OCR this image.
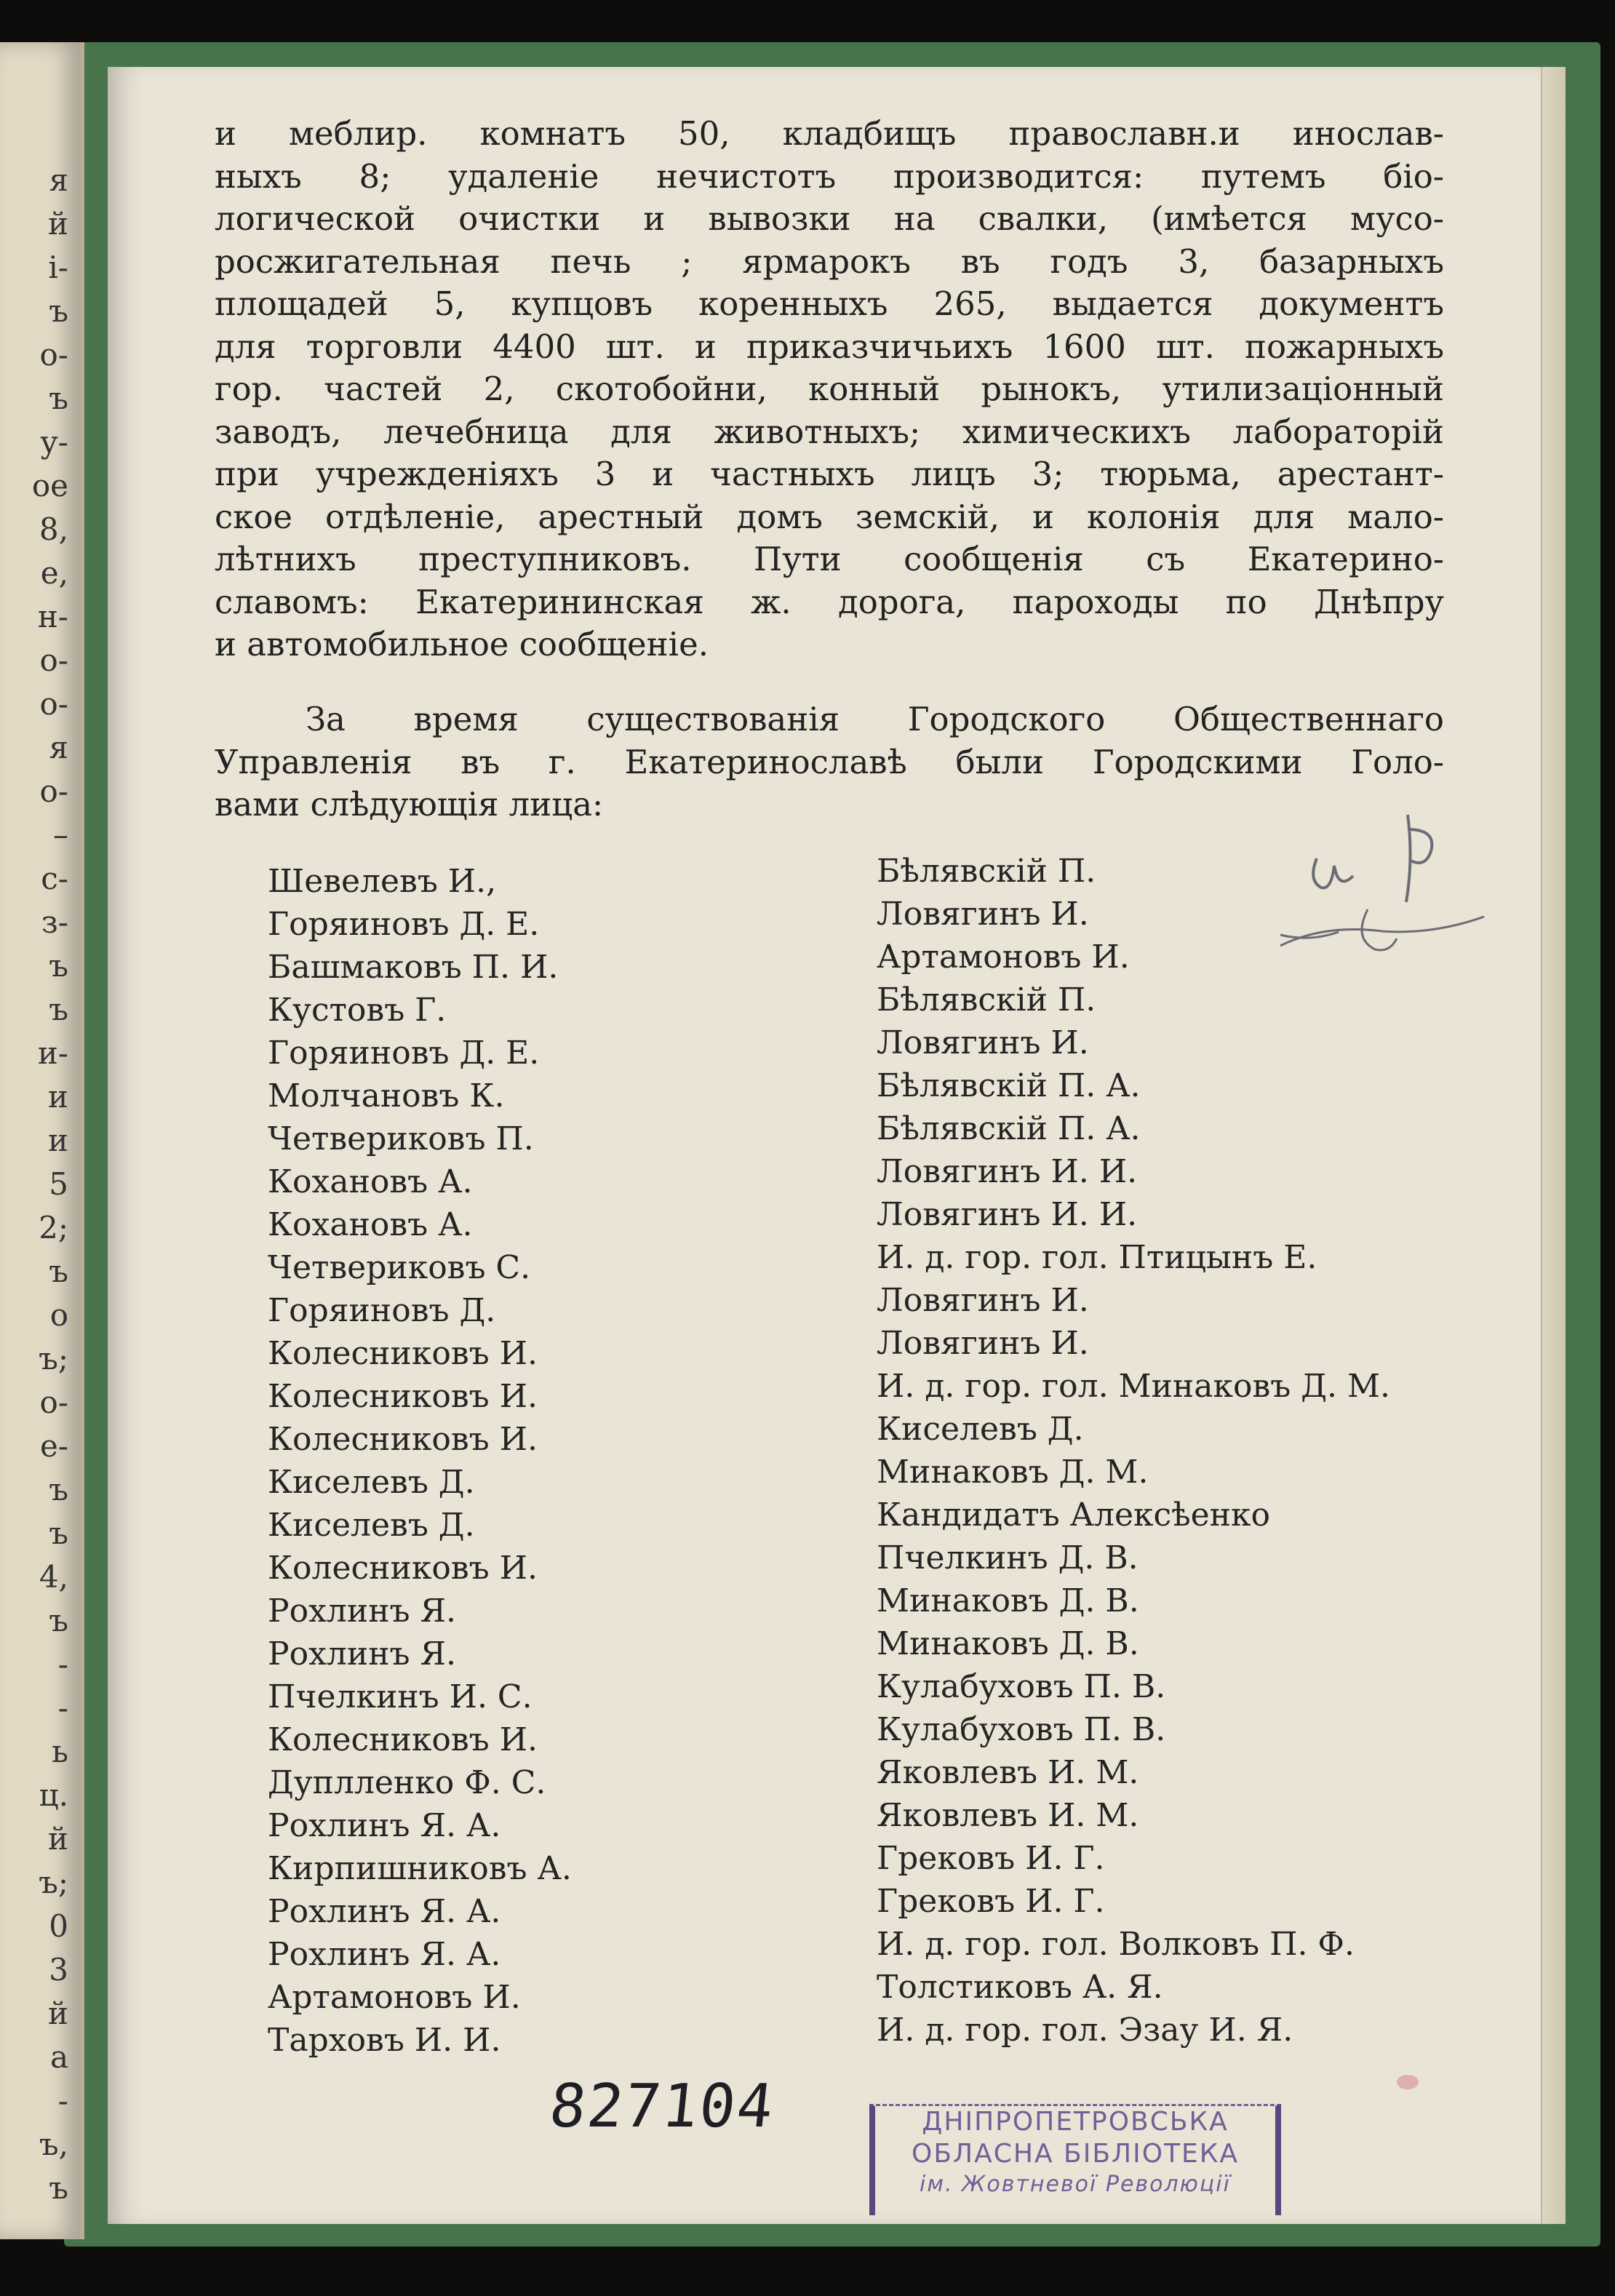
я
й
і-
ъ
о-
ъ
у-
ое
8,
е,
н-
о-
о-
я
о-
–
с-
з-
ъ
ъ
и-
и
и
5
2;
ъ
о
ъ;
о-
е-
ъ
ъ
4,
ъ
-
-
ь
ц.
й
ъ;
0
3
й
а
-
ъ,
ъ
и меблир. комнатъ 50, кладбищъ православн.и инослав-
ныхъ 8; удаленіе нечистотъ производится: путемъ біо-
логической очистки и вывозки на свалки, (имѣется мусо-
росжигательная печь ; ярмарокъ въ годъ 3, базарныхъ
площадей 5, купцовъ коренныхъ 265, выдается документъ
для торговли 4400 шт. и приказчичьихъ 1600 шт. пожарныхъ
гор. частей 2, скотобойни, конный рынокъ, утилизаціонный
заводъ, лечебница для животныхъ; химическихъ лабораторій
при учрежденіяхъ 3 и частныхъ лицъ 3; тюрьма, арестант-
ское отдѣленіе, арестный домъ земскій, и колонія для мало-
лѣтнихъ преступниковъ. Пути сообщенія съ Екатерино-
славомъ: Екатерининская ж. дорога, пароходы по Днѣпру
и автомобильное сообщеніе.
За время существованія Городского Общественнаго
Управленія въ г. Екатеринославѣ были Городскими Голо-
вами слѣдующія лица:
Шевелевъ И.,
Горяиновъ Д. Е.
Башмаковъ П. И.
Кустовъ Г.
Горяиновъ Д. Е.
Молчановъ К.
Четвериковъ П.
Кохановъ А.
Кохановъ А.
Четвериковъ С.
Горяиновъ Д.
Колесниковъ И.
Колесниковъ И.
Колесниковъ И.
Киселевъ Д.
Киселевъ Д.
Колесниковъ И.
Рохлинъ Я.
Рохлинъ Я.
Пчелкинъ И. С.
Колесниковъ И.
Дуплленко Ф. С.
Рохлинъ Я. А.
Кирпишниковъ А.
Рохлинъ Я. А.
Рохлинъ Я. А.
Артамоновъ И.
Тарховъ И. И.
Бѣлявскій П.
Ловягинъ И.
Артамоновъ И.
Бѣлявскій П.
Ловягинъ И.
Бѣлявскій П. А.
Бѣлявскій П. А.
Ловягинъ И. И.
Ловягинъ И. И.
И. д. гор. гол. Птицынъ Е.
Ловягинъ И.
Ловягинъ И.
И. д. гор. гол. Минаковъ Д. М.
Киселевъ Д.
Минаковъ Д. М.
Кандидатъ Алексѣенко
Пчелкинъ Д. В.
Минаковъ Д. В.
Минаковъ Д. В.
Кулабуховъ П. В.
Кулабуховъ П. В.
Яковлевъ И. М.
Яковлевъ И. М.
Грековъ И. Г.
Грековъ И. Г.
И. д. гор. гол. Волковъ П. Ф.
Толстиковъ А. Я.
И. д. гор. гол. Эзау И. Я.
827104	ДНІПРОПЕТРОВСЬКА
ОБЛАСНА БІБЛІОТЕКА
ім. Жовтневої Революції
